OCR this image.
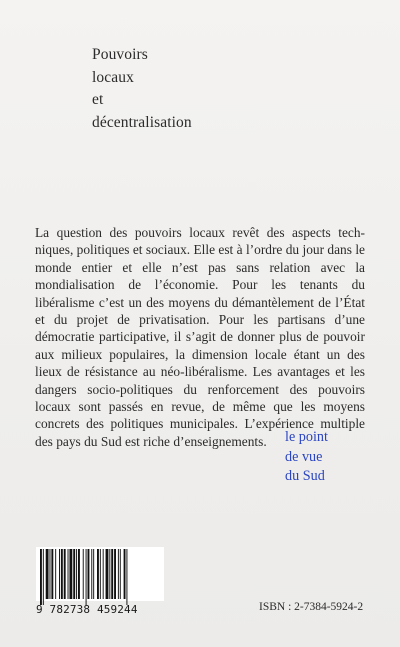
Pouvoirs
locaux
et
décentralisation
La question des pouvoirs locaux revêt des aspects techniques, politiques et sociaux. Elle est à l’ordre du jour dans le monde entier et elle n’est pas sans relation avec la mondialisation de l’économie. Pour les tenants du libéralisme c’est un des moyens du démantèlement de l’État et du projet de privatisation. Pour les partisans d’une démocratie participative, il s’agit de donner plus de pouvoir aux milieux populaires, la dimension locale étant un des lieux de résistance au néo-libéralisme. Les avantages et les dangers socio-politiques du renforcement des pouvoirs locaux sont passés en revue, de même que les moyens concrets des politiques municipales. L’expérience multiple des pays du Sud est riche d’enseignements.	le point
de vue
du Sud
9 782738 459244	ISBN : 2-7384-5924-2
